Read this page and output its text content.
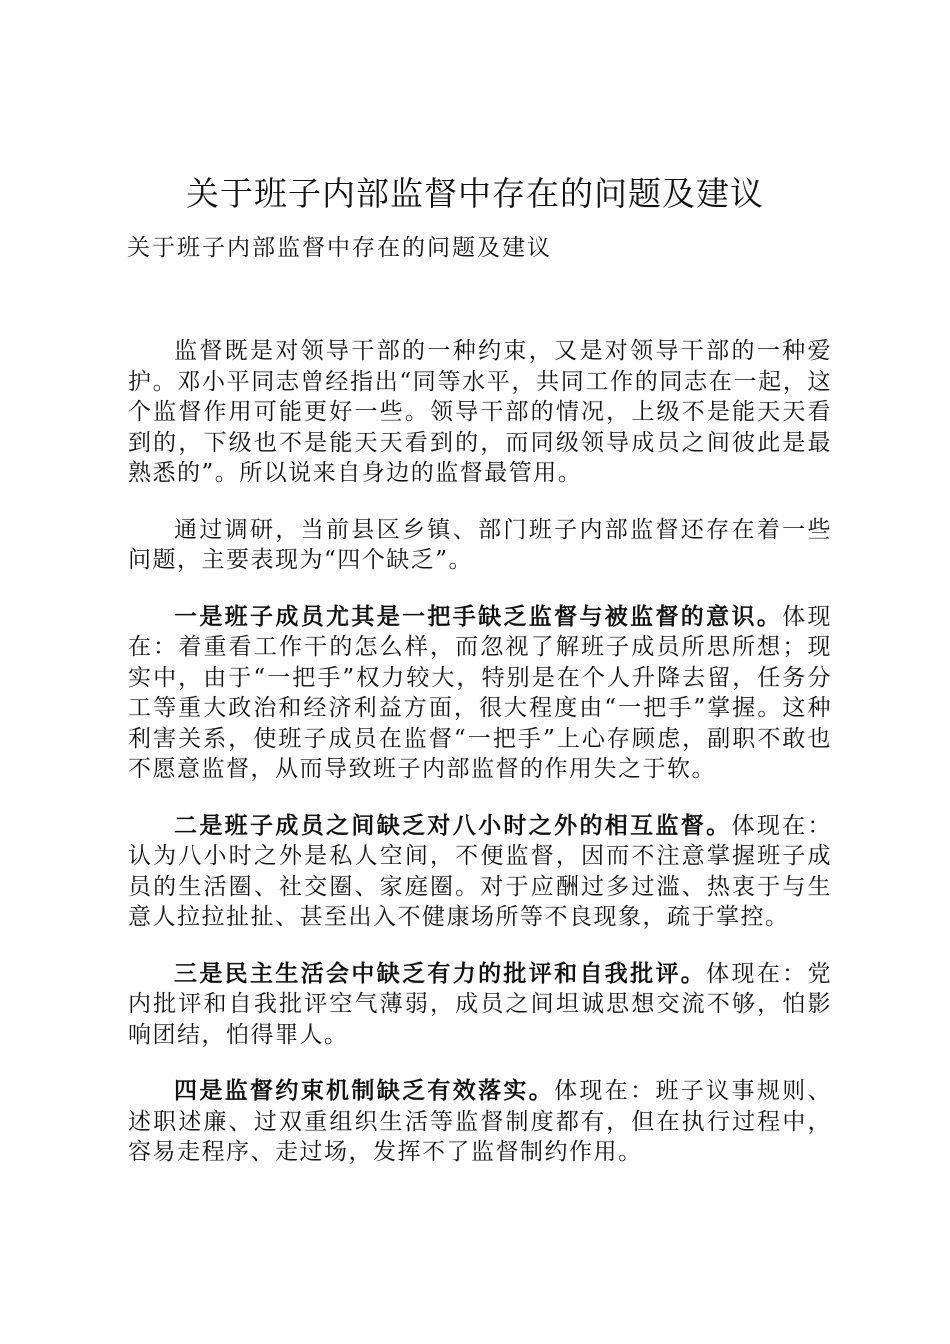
关于班子内部监督中存在的问题及建议

关于班子内部监督中存在的问题及建议

监督既是对领导干部的一种约束，又是对领导干部的一种爱护。邓小平同志曾经指出“同等水平，共同工作的同志在一起，这个监督作用可能更好一些。领导干部的情况，上级不是能天天看到的，下级也不是能天天看到的，而同级领导成员之间彼此是最熟悉的”。所以说来自身边的监督最管用。

通过调研，当前县区乡镇、部门班子内部监督还存在着一些问题，主要表现为“四个缺乏”。

一是班子成员尤其是一把手缺乏监督与被监督的意识。体现在：着重看工作干的怎么样，而忽视了解班子成员所思所想；现实中，由于“一把手”权力较大，特别是在个人升降去留，任务分工等重大政治和经济利益方面，很大程度由“一把手”掌握。这种利害关系，使班子成员在监督“一把手”上心存顾虑，副职不敢也不愿意监督，从而导致班子内部监督的作用失之于软。

二是班子成员之间缺乏对八小时之外的相互监督。体现在：认为八小时之外是私人空间，不便监督，因而不注意掌握班子成员的生活圈、社交圈、家庭圈。对于应酬过多过滥、热衷于与生意人拉拉扯扯、甚至出入不健康场所等不良现象，疏于掌控。

三是民主生活会中缺乏有力的批评和自我批评。体现在：党内批评和自我批评空气薄弱，成员之间坦诚思想交流不够，怕影响团结，怕得罪人。

四是监督约束机制缺乏有效落实。体现在：班子议事规则、述职述廉、过双重组织生活等监督制度都有，但在执行过程中，容易走程序、走过场，发挥不了监督制约作用。
